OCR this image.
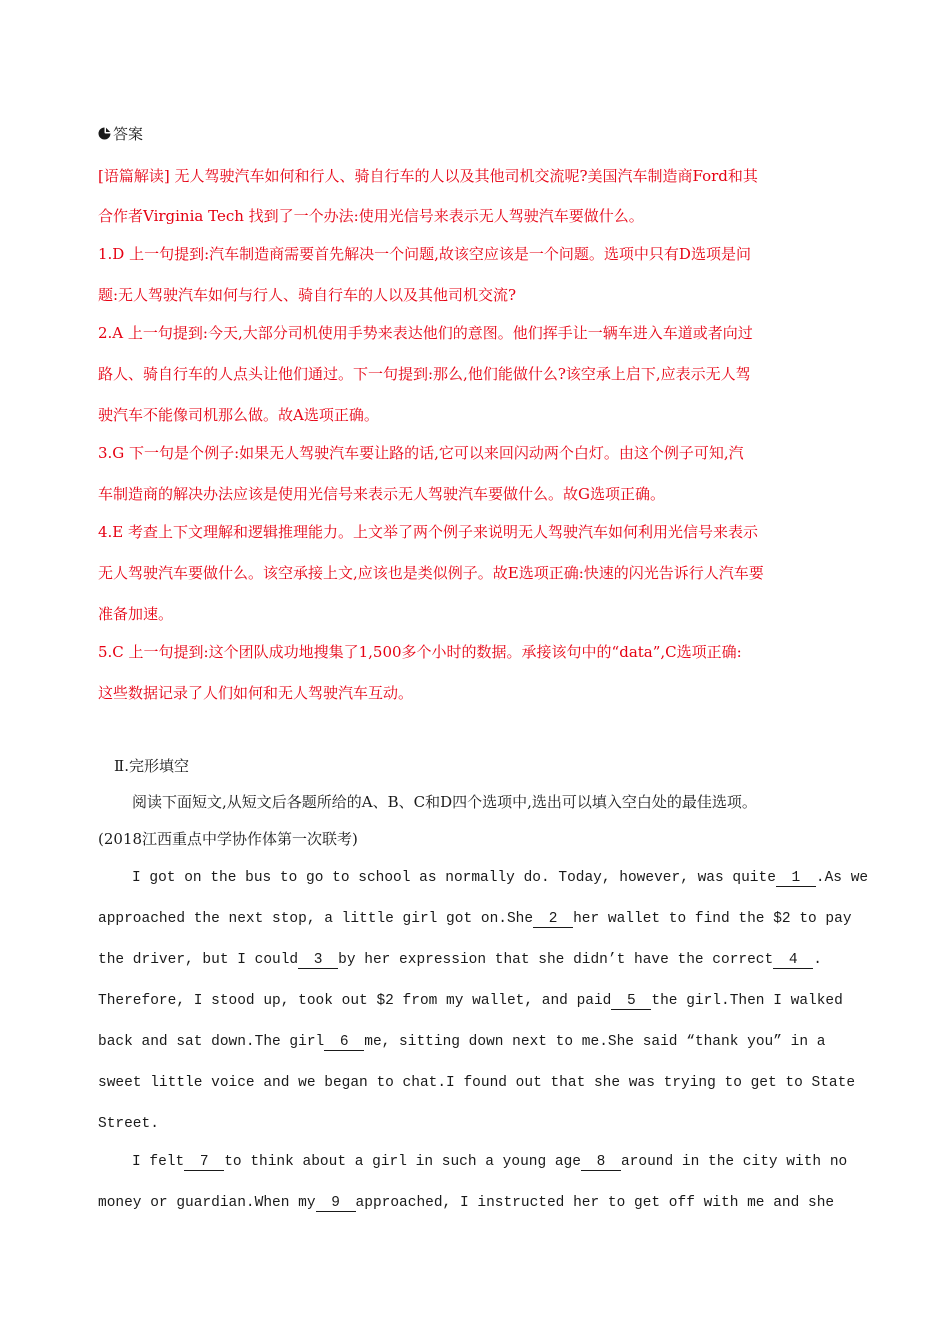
答案
[语篇解读] 无人驾驶汽车如何和行人、骑自行车的人以及其他司机交流呢?美国汽车制造商Ford和其
合作者Virginia Tech 找到了一个办法:使用光信号来表示无人驾驶汽车要做什么。
1.D 上一句提到:汽车制造商需要首先解决一个问题,故该空应该是一个问题。选项中只有D选项是问
题:无人驾驶汽车如何与行人、骑自行车的人以及其他司机交流?
2.A 上一句提到:今天,大部分司机使用手势来表达他们的意图。他们挥手让一辆车进入车道或者向过
路人、骑自行车的人点头让他们通过。下一句提到:那么,他们能做什么?该空承上启下,应表示无人驾
驶汽车不能像司机那么做。故A选项正确。
3.G 下一句是个例子:如果无人驾驶汽车要让路的话,它可以来回闪动两个白灯。由这个例子可知,汽
车制造商的解决办法应该是使用光信号来表示无人驾驶汽车要做什么。故G选项正确。
4.E 考查上下文理解和逻辑推理能力。上文举了两个例子来说明无人驾驶汽车如何利用光信号来表示
无人驾驶汽车要做什么。该空承接上文,应该也是类似例子。故E选项正确:快速的闪光告诉行人汽车要
准备加速。
5.C 上一句提到:这个团队成功地搜集了1,500多个小时的数据。承接该句中的“data”,C选项正确:
这些数据记录了人们如何和无人驾驶汽车互动。
Ⅱ.完形填空
阅读下面短文,从短文后各题所给的A、B、C和D四个选项中,选出可以填入空白处的最佳选项。
(2018江西重点中学协作体第一次联考)
I got on the bus to go to school as normally do. Today, however, was quite 1 .As we
approached the next stop, a little girl got on.She 2 her wallet to find the $2 to pay
the driver, but I could 3 by her expression that she didn’t have the correct 4 .
Therefore, I stood up, took out $2 from my wallet, and paid 5 the girl.Then I walked
back and sat down.The girl 6 me, sitting down next to me.She said “thank you” in a
sweet little voice and we began to chat.I found out that she was trying to get to State
Street.
I felt 7 to think about a girl in such a young age 8 around in the city with no
money or guardian.When my 9 approached, I instructed her to get off with me and she
